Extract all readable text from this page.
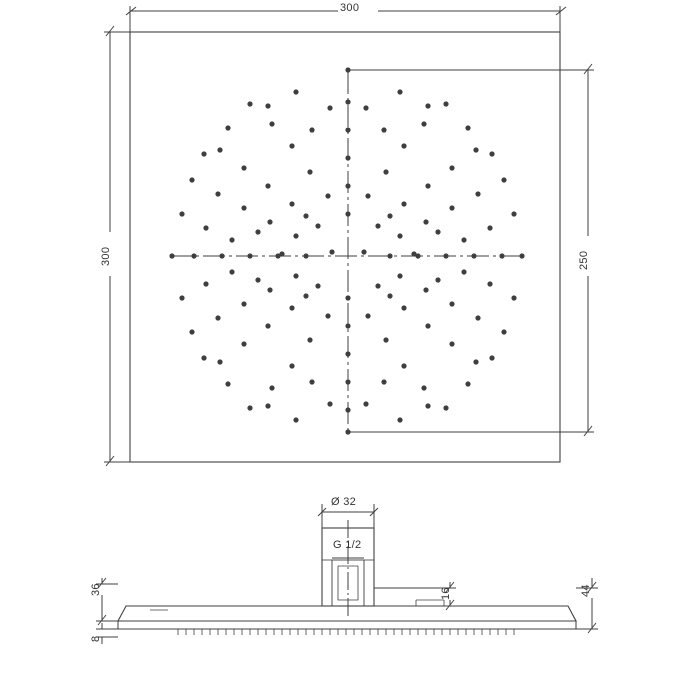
300
300	250
Ø 32
G 1/2
36
8
16	44
